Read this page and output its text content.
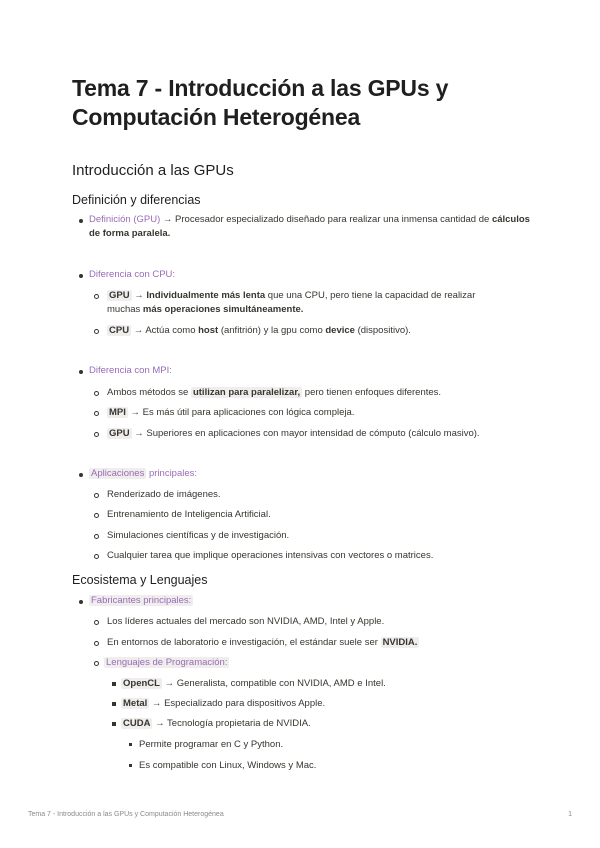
Tema 7 - Introducción a las GPUs y Computación Heterogénea
Introducción a las GPUs
Definición y diferencias
Definición (GPU) → Procesador especializado diseñado para realizar una inmensa cantidad de cálculos de forma paralela.
Diferencia con CPU:
GPU → Individualmente más lenta que una CPU, pero tiene la capacidad de realizar
muchas más operaciones simultáneamente.
CPU → Actúa como host (anfitrión) y la gpu como device (dispositivo).
Diferencia con MPI:
Ambos métodos se utilizan para paralelizar, pero tienen enfoques diferentes.
MPI → Es más útil para aplicaciones con lógica compleja.
GPU → Superiores en aplicaciones con mayor intensidad de cómputo (cálculo masivo).
Aplicaciones principales:
Renderizado de imágenes.
Entrenamiento de Inteligencia Artificial.
Simulaciones científicas y de investigación.
Cualquier tarea que implique operaciones intensivas con vectores o matrices.
Ecosistema y Lenguajes
Fabricantes principales:
Los líderes actuales del mercado son NVIDIA, AMD, Intel y Apple.
En entornos de laboratorio e investigación, el estándar suele ser NVIDIA.
Lenguajes de Programación:
OpenCL → Generalista, compatible con NVIDIA, AMD e Intel.
Metal → Especializado para dispositivos Apple.
CUDA → Tecnología propietaria de NVIDIA.
Permite programar en C y Python.
Es compatible con Linux, Windows y Mac.
Tema 7 - Introducción a las GPUs y Computación Heterogénea	1
